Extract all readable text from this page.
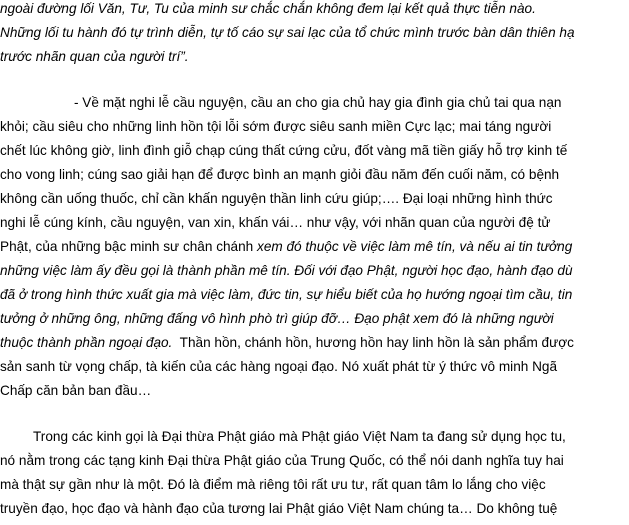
ngoài đường lối Văn, Tư, Tu của minh sư chắc chắn không đem lại kết quả thực tiễn nào.
Những lối tu hành đó tự trình diễn, tự tố cáo sự sai lạc của tổ chức mình trước bàn dân thiên hạ
trước nhãn quan của người trí”.
- Về mặt nghi lễ cầu nguyện, cầu an cho gia chủ hay gia đình gia chủ tai qua nạn
khỏi; cầu siêu cho những linh hồn tội lỗi sớm được siêu sanh miền Cực lạc; mai táng người
chết lúc không giờ, linh đình giỗ chạp cúng thất cứng cửu, đốt vàng mã tiền giấy hỗ trợ kinh tế
cho vong linh; cúng sao giải hạn để được bình an mạnh giỏi đầu năm đến cuối năm, có bệnh
không cần uống thuốc, chỉ cần khấn nguyện thần linh cứu giúp;…. Đại loại những hình thức
nghi lễ cúng kính, cầu nguyện, van xin, khấn vái… như vậy, với nhãn quan của người đệ tử
Phật, của những bậc minh sư chân chánh xem đó thuộc về việc làm mê tín, và nếu ai tin tưởng
những việc làm ấy đều gọi là thành phần mê tín. Đối với đạo Phật, người học đạo, hành đạo dù
đã ở trong hình thức xuất gia mà việc làm, đức tin, sự hiểu biết của họ hướng ngoại tìm cầu, tin
tưởng ở những ông, những đấng vô hình phò trì giúp đỡ… Đạo phật xem đó là những người
thuộc thành phần ngoại đạo.  Thần hồn, chánh hồn, hương hồn hay linh hồn là sản phẩm được
sản sanh từ vọng chấp, tà kiến của các hàng ngoại đạo. Nó xuất phát từ ý thức vô minh Ngã
Chấp căn bản ban đầu…
Trong các kinh gọi là Đại thừa Phật giáo mà Phật giáo Việt Nam ta đang sử dụng học tu,
nó nằm trong các tạng kinh Đại thừa Phật giáo của Trung Quốc, có thể nói danh nghĩa tuy hai
mà thật sự gần như là một. Đó là điểm mà riêng tôi rất ưu tư, rất quan tâm lo lắng cho việc
truyền đạo, học đạo và hành đạo của tương lai Phật giáo Việt Nam chúng ta… Do không tuệ
